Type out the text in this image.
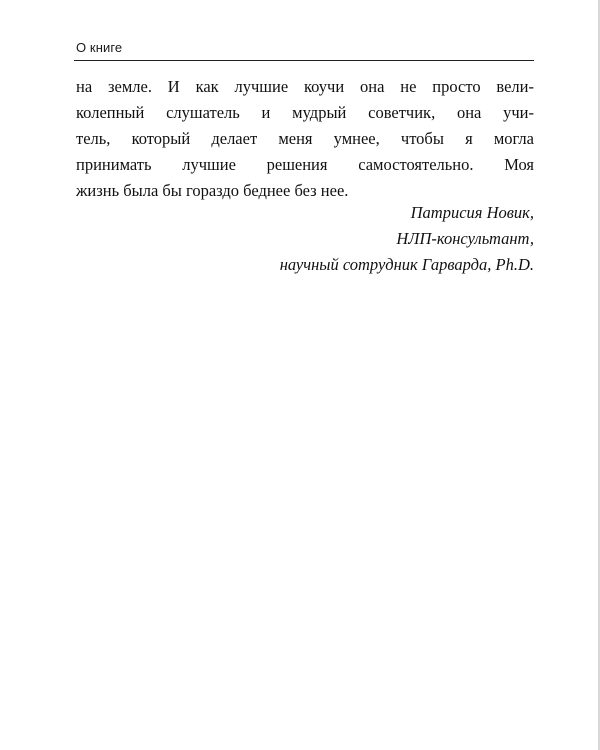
О книге
на земле. И как лучшие коучи она не просто вели-
колепный слушатель и мудрый советчик, она учи-
тель, который делает меня умнее, чтобы я могла
принимать лучшие решения самостоятельно. Моя
жизнь была бы гораздо беднее без нее.
Патрисия Новик,
НЛП-консультант,
научный сотрудник Гарварда, Ph.D.
